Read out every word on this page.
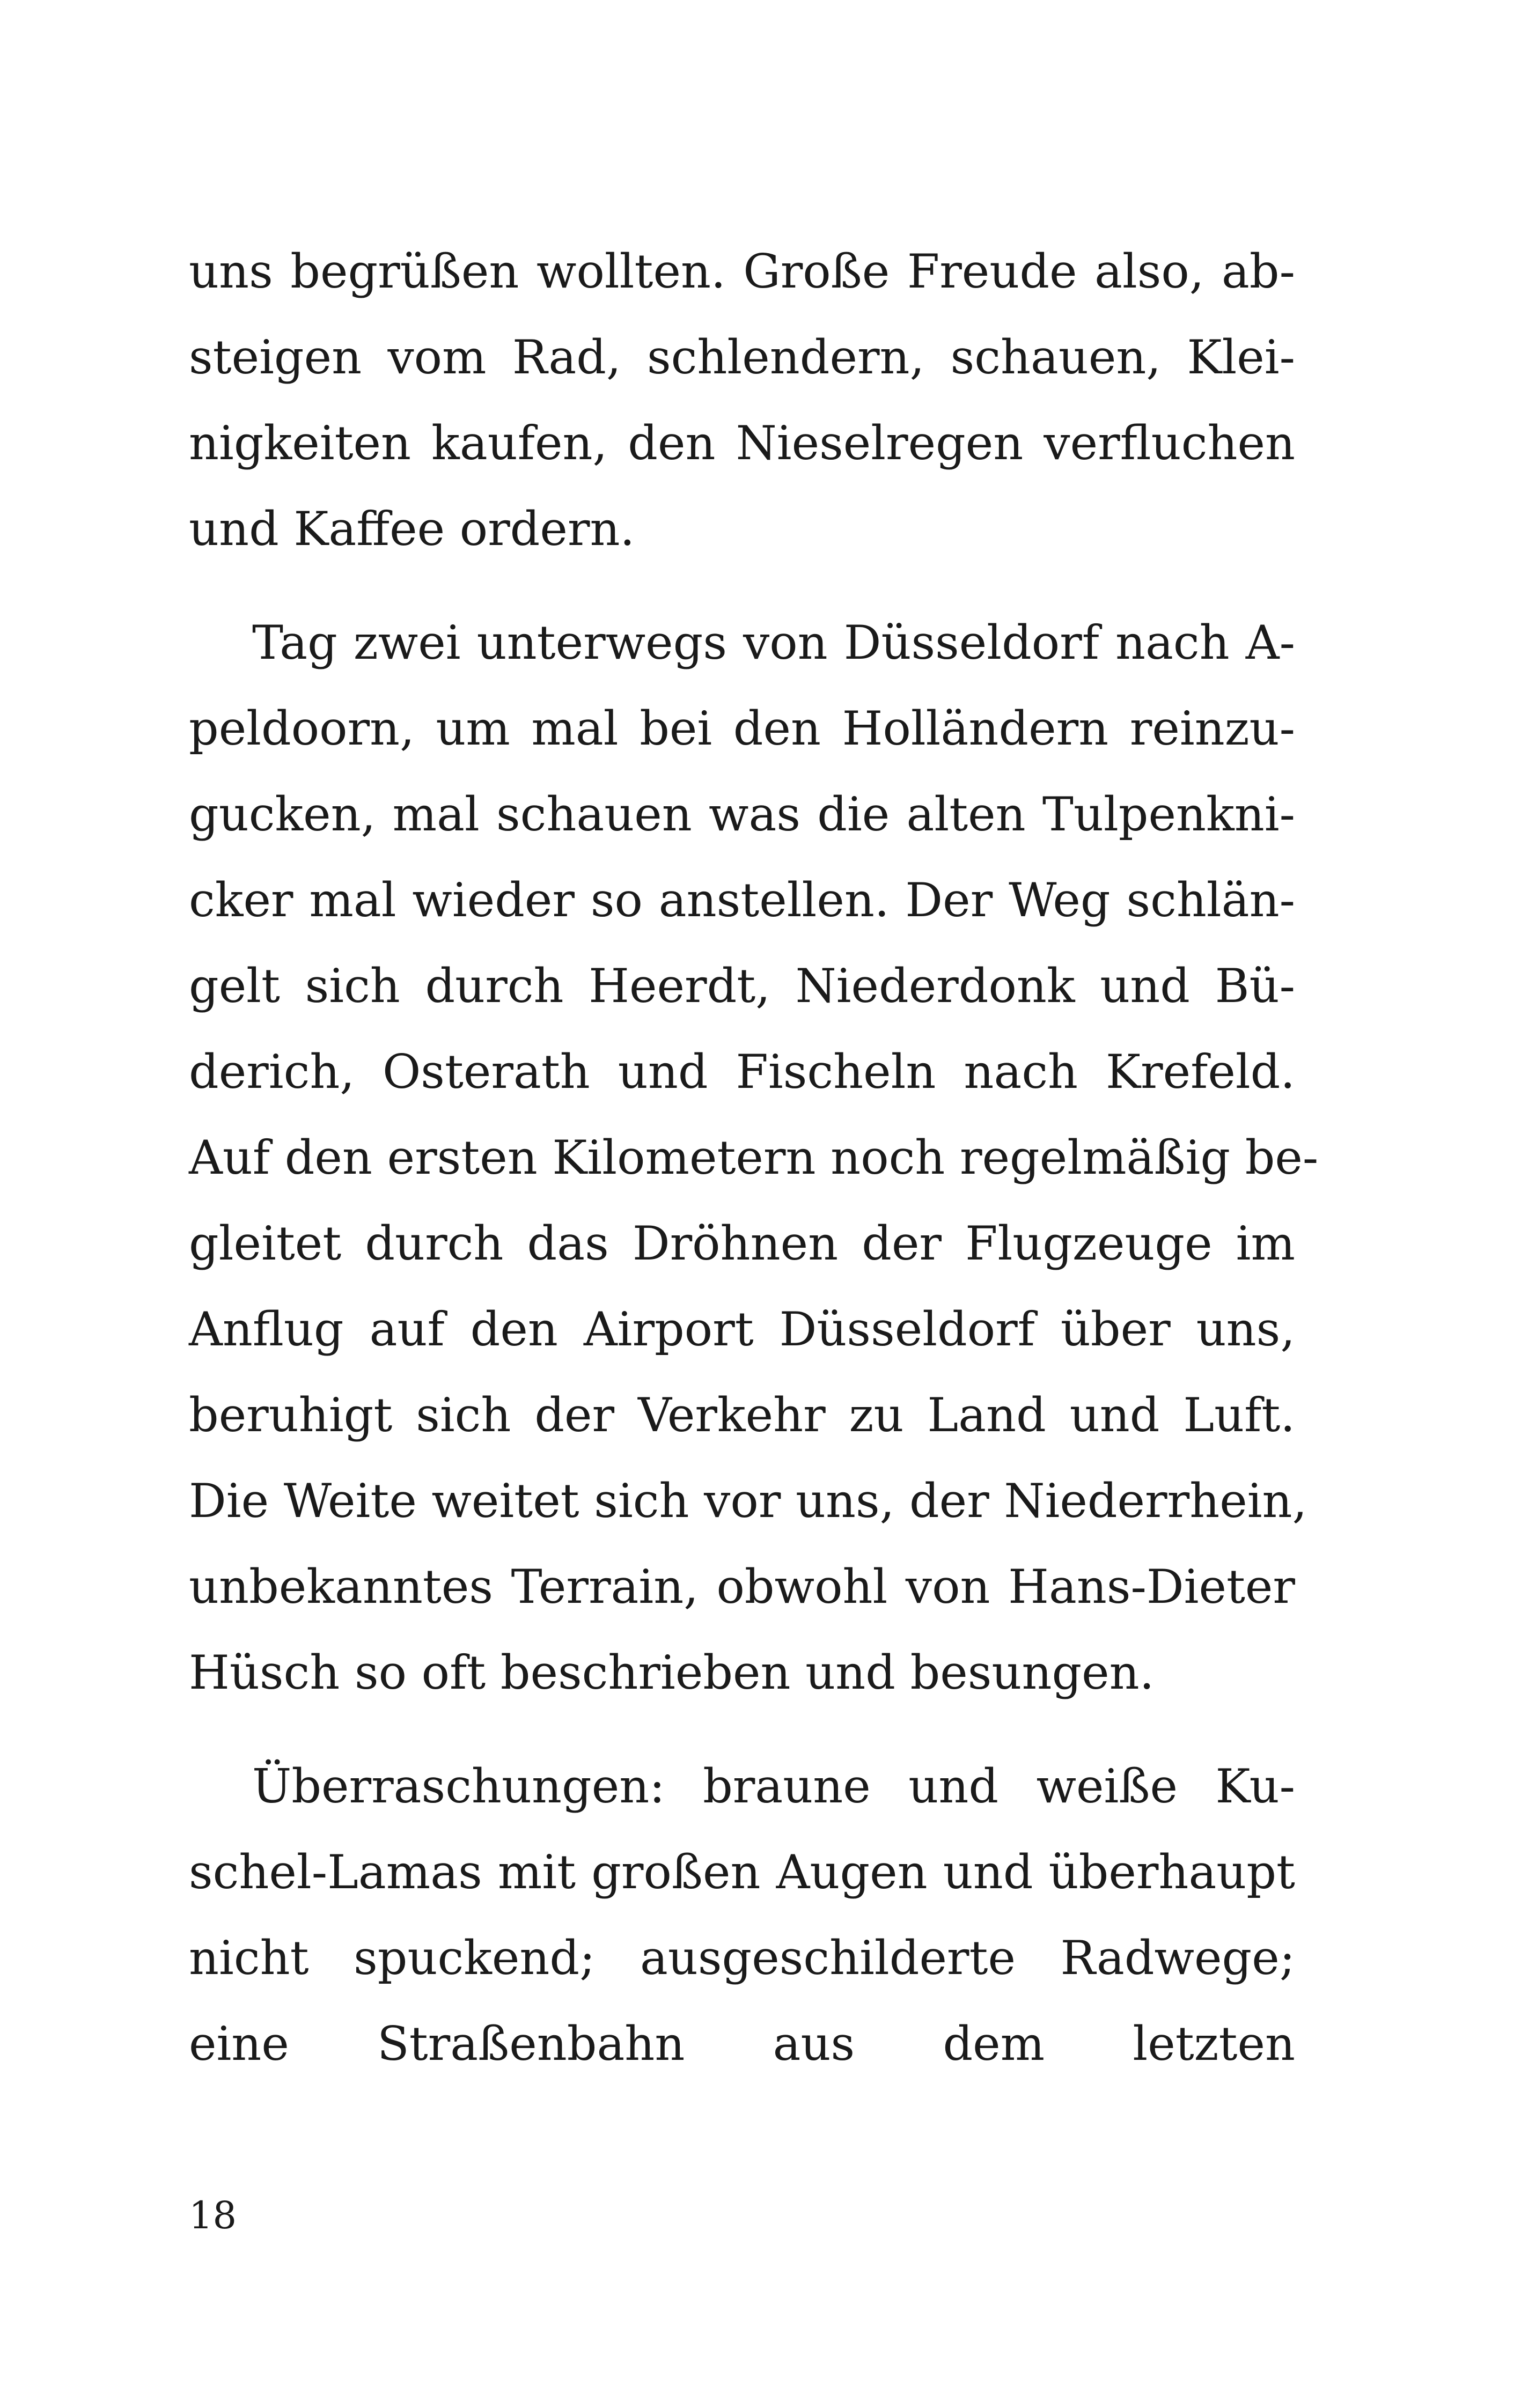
uns begrüßen wollten. Große Freude also, ab-
steigen vom Rad, schlendern, schauen, Klei-
nigkeiten kaufen, den Nieselregen verfluchen
und Kaffee ordern.
Tag zwei unterwegs von Düsseldorf nach A-
peldoorn, um mal bei den Holländern reinzu-
gucken, mal schauen was die alten Tulpenkni-
cker mal wieder so anstellen. Der Weg schlän-
gelt sich durch Heerdt, Niederdonk und Bü-
derich, Osterath und Fischeln nach Krefeld.
Auf den ersten Kilometern noch regelmäßig be-
gleitet durch das Dröhnen der Flugzeuge im
Anflug auf den Airport Düsseldorf über uns,
beruhigt sich der Verkehr zu Land und Luft.
Die Weite weitet sich vor uns, der Niederrhein,
unbekanntes Terrain, obwohl von Hans-Dieter
Hüsch so oft beschrieben und besungen.
Überraschungen: braune und weiße Ku-
schel-Lamas mit großen Augen und überhaupt
nicht spuckend; ausgeschilderte Radwege;
eine Straßenbahn aus dem letzten
18
